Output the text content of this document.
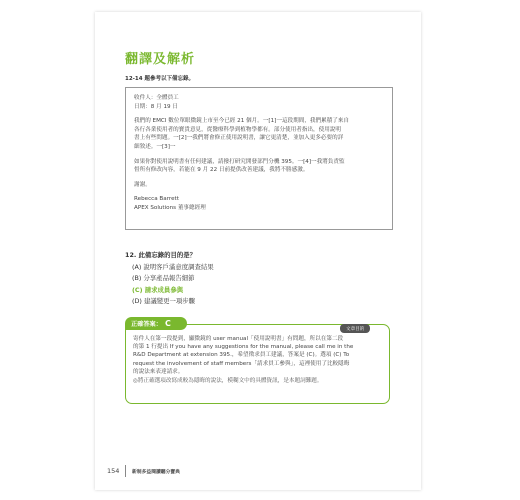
翻譯及解析
12-14 題參考以下備忘錄。

收件人：全體員工

日期：8 月 19 日

我們的 EMCI 數位單眼微鏡上市至今已經 21 個月。一[1]一這段期間，我們累積了來自

各行各業使用者的寶貴意見，從醫療科學到植物學都有。部分使用者指出，使用說明

書上有些問題。一[2]一我們將會修正使用說明書，讓它更清楚，並加入更多必要的詳

細敘述。一[3]一

如果你對使用說明書有任何建議，請撥打研究開發部門分機 395。一[4]一我將負責監

督所有修改內容，若能在 9 月 22 日前提供改善建議，我將不勝感激。

謝謝。

Rebecca Barrett

APEX Solutions 董事總經理

12. 此備忘錄的目的是？
(A) 說明客戶滿意度調查結果
(B) 分享產品報告細節
(C) 請求成員參與
(D) 建議變更一項步驟
正確答案： C
文章目的

寄件人在第一段提到，顯微鏡的 user manual「使用說明書」有問題，所以在第二段

的第 1 行提出 If you have any suggestions for the manual, please call me in the

R&D Department at extension 395.，希望徵求員工建議，答案是 (C)。選項 (C) To

request the involvement of staff members「請求員工參與」，這裡使用了比較隱晦

的說法來表達請求。

◎將正確選項改寫成較為隱晦的說法，模糊文中的具體資訊，是本題詞難題。

154	新制多益閱讀聽分寶典
